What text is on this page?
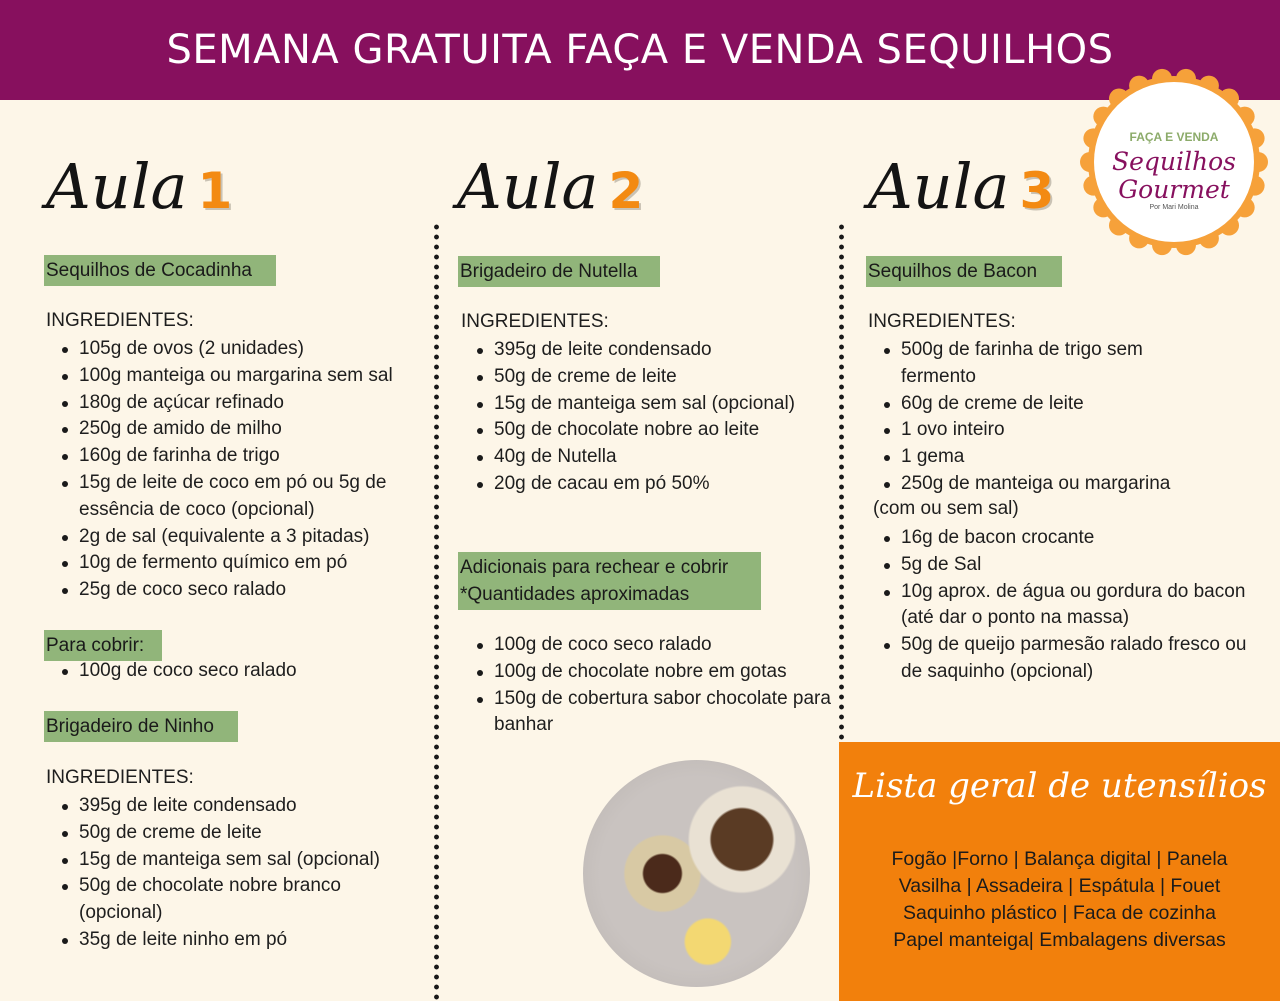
SEMANA GRATUITA FAÇA E VENDA SEQUILHOS
FAÇA E VENDA
Sequilhos
Gourmet
Por Mari Molina
Aula 1
Sequilhos de Cocadinha
INGREDIENTES:
105g de ovos (2 unidades)
100g manteiga ou margarina sem sal
180g de açúcar refinado
250g de amido de milho
160g de farinha de trigo
15g de leite de coco em pó ou 5g de essência de coco (opcional)
2g de sal (equivalente a 3 pitadas)
10g de fermento químico em pó
25g de coco seco ralado
Para cobrir:
100g de coco seco ralado
Brigadeiro de Ninho
INGREDIENTES:
395g de leite condensado
50g de creme de leite
15g de manteiga sem sal (opcional)
50g de chocolate nobre branco (opcional)
35g de leite ninho em pó
Aula 2
Brigadeiro de Nutella
INGREDIENTES:
395g de leite condensado
50g de creme de leite
15g de manteiga sem sal (opcional)
50g de chocolate nobre ao leite
40g de Nutella
20g de cacau em pó 50%
Adicionais para rechear e cobrir
*Quantidades aproximadas
100g de coco seco ralado
100g de chocolate nobre em gotas
150g de cobertura sabor chocolate para banhar
Aula 3
Sequilhos de Bacon
INGREDIENTES:
500g de farinha de trigo sem fermento
60g de creme de leite
1 ovo inteiro
1 gema
250g de manteiga ou margarina
(com ou sem sal)
16g de bacon crocante
5g de Sal
10g aprox. de água ou gordura do bacon (até dar o ponto na massa)
50g de queijo parmesão ralado fresco ou de saquinho (opcional)
Lista geral de utensílios
Fogão |Forno | Balança digital | Panela
Vasilha | Assadeira | Espátula | Fouet
Saquinho plástico | Faca de cozinha
Papel manteiga| Embalagens diversas
